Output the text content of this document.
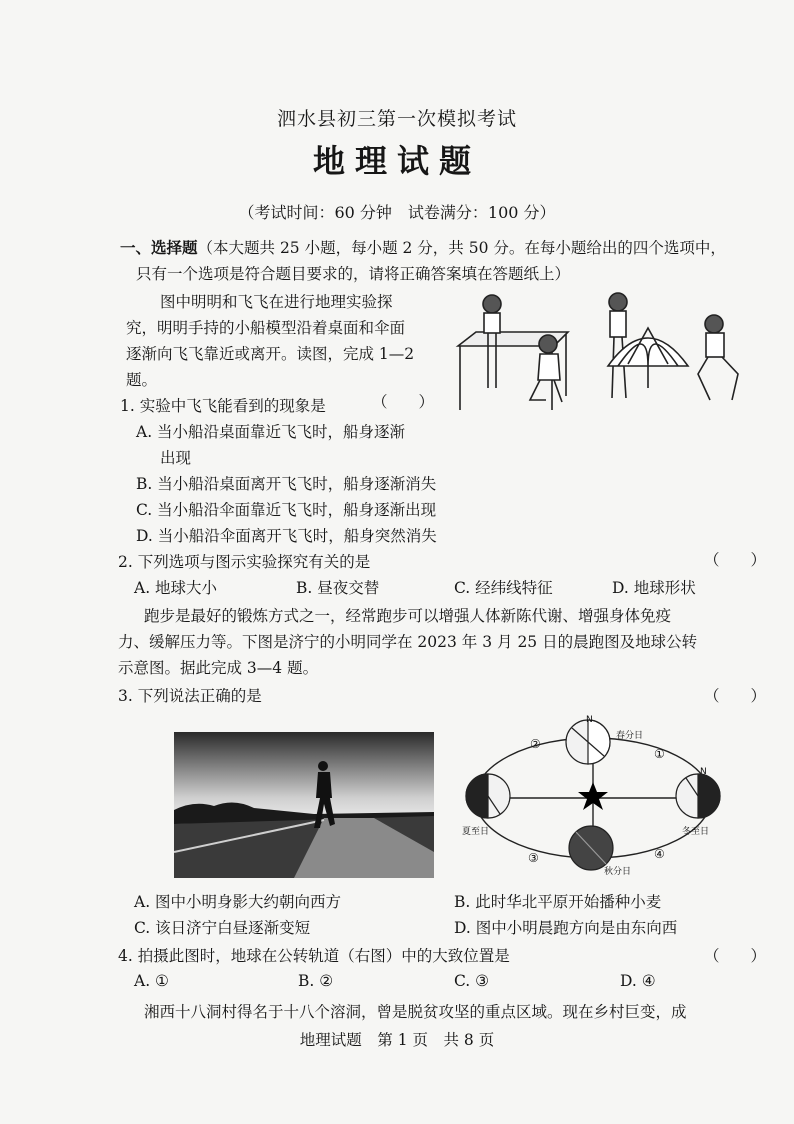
泗水县初三第一次模拟考试
地理试题
（考试时间：60 分钟　试卷满分：100 分）
一、选择题（本大题共 25 小题，每小题 2 分，共 50 分。在每小题给出的四个选项中，
只有一个选项是符合题目要求的，请将正确答案填在答题纸上）
图中明明和飞飞在进行地理实验探
究，明明手持的小船模型沿着桌面和伞面
逐渐向飞飞靠近或离开。读图，完成 1—2
题。
1. 实验中飞飞能看到的现象是	（　　）
A. 当小船沿桌面靠近飞飞时，船身逐渐
出现
B. 当小船沿桌面离开飞飞时，船身逐渐消失
C. 当小船沿伞面靠近飞飞时，船身逐渐出现
D. 当小船沿伞面离开飞飞时，船身突然消失
2. 下列选项与图示实验探究有关的是	（　　）
A. 地球大小	B. 昼夜交替	C. 经纬线特征	D. 地球形状
跑步是最好的锻炼方式之一，经常跑步可以增强人体新陈代谢、增强身体免疫
力、缓解压力等。下图是济宁的小明同学在 2023 年 3 月 25 日的晨跑图及地球公转
示意图。据此完成 3—4 题。
3. 下列说法正确的是	（　　）
春分日
夏至日	冬至日
秋分日
N
N
①
②
③	④
A. 图中小明身影大约朝向西方	B. 此时华北平原开始播种小麦
C. 该日济宁白昼逐渐变短	D. 图中小明晨跑方向是由东向西
4. 拍摄此图时，地球在公转轨道（右图）中的大致位置是	（　　）
A. ①	B. ②	C. ③	D. ④
湘西十八洞村得名于十八个溶洞，曾是脱贫攻坚的重点区域。现在乡村巨变，成
地理试题　第 1 页　共 8 页
